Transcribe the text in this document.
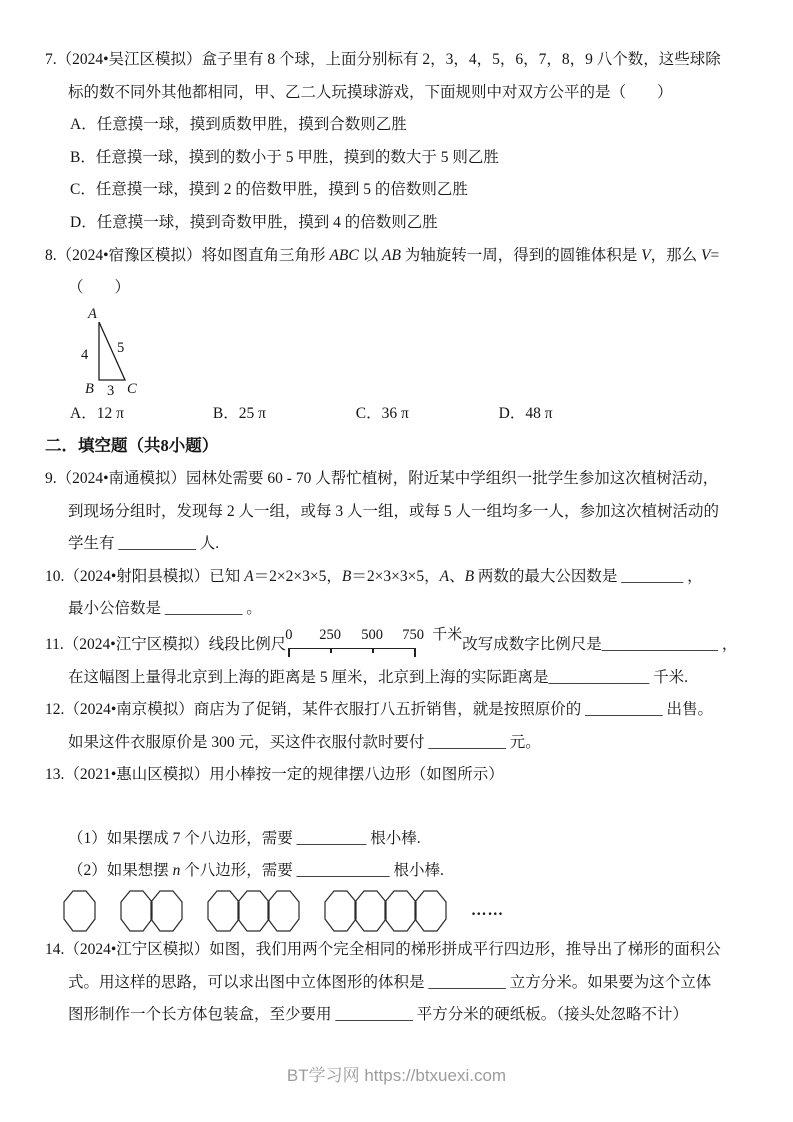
7.（2024•吴江区模拟）盒子里有 8 个球，上面分别标有 2，3，4，5，6，7，8，9 八个数，这些球除
标的数不同外其他都相同，甲、乙二人玩摸球游戏，下面规则中对双方公平的是（　　）
A．任意摸一球，摸到质数甲胜，摸到合数则乙胜
B．任意摸一球，摸到的数小于 5 甲胜，摸到的数大于 5 则乙胜
C．任意摸一球，摸到 2 的倍数甲胜，摸到 5 的倍数则乙胜
D．任意摸一球，摸到奇数甲胜，摸到 4 的倍数则乙胜
8.（2024•宿豫区模拟）将如图直角三角形 ABC 以 AB 为轴旋转一周，得到的圆锥体积是 V，那么 V=
（　　）
A
B C
4 5
3
A．12 π	B．25 π	C．36 π	D．48 π
二．填空题（共8小题）
9.（2024•南通模拟）园林处需要 60 - 70 人帮忙植树，附近某中学组织一批学生参加这次植树活动，
到现场分组时，发现每 2 人一组，或每 3 人一组，或每 5 人一组均多一人，参加这次植树活动的
学生有 __________ 人.
10.（2024•射阳县模拟）已知 A＝2×2×3×5，B＝2×3×3×5，A、B 两数的最大公因数是 ________ ，
最小公倍数是 __________ 。
11.（2024•江宁区模拟）线段比例尺
0 250 500 750 千米
改写成数字比例尺是_______________ ，
在这幅图上量得北京到上海的距离是 5 厘米，北京到上海的实际距离是_____________ 千米.
12.（2024•南京模拟）商店为了促销，某件衣服打八五折销售，就是按照原价的 __________ 出售。
如果这件衣服原价是 300 元，买这件衣服付款时要付 __________ 元。
13.（2021•惠山区模拟）用小棒按一定的规律摆八边形（如图所示）
（1）如果摆成 7 个八边形，需要 _________ 根小棒.
（2）如果想摆 n 个八边形，需要 ____________ 根小棒.
……
14.（2024•江宁区模拟）如图，我们用两个完全相同的梯形拼成平行四边形，推导出了梯形的面积公
式。用这样的思路，可以求出图中立体图形的体积是 __________ 立方分米。如果要为这个立体
图形制作一个长方体包装盒，至少要用 __________ 平方分米的硬纸板。（接头处忽略不计）
BT学习网 https://btxuexi.com
